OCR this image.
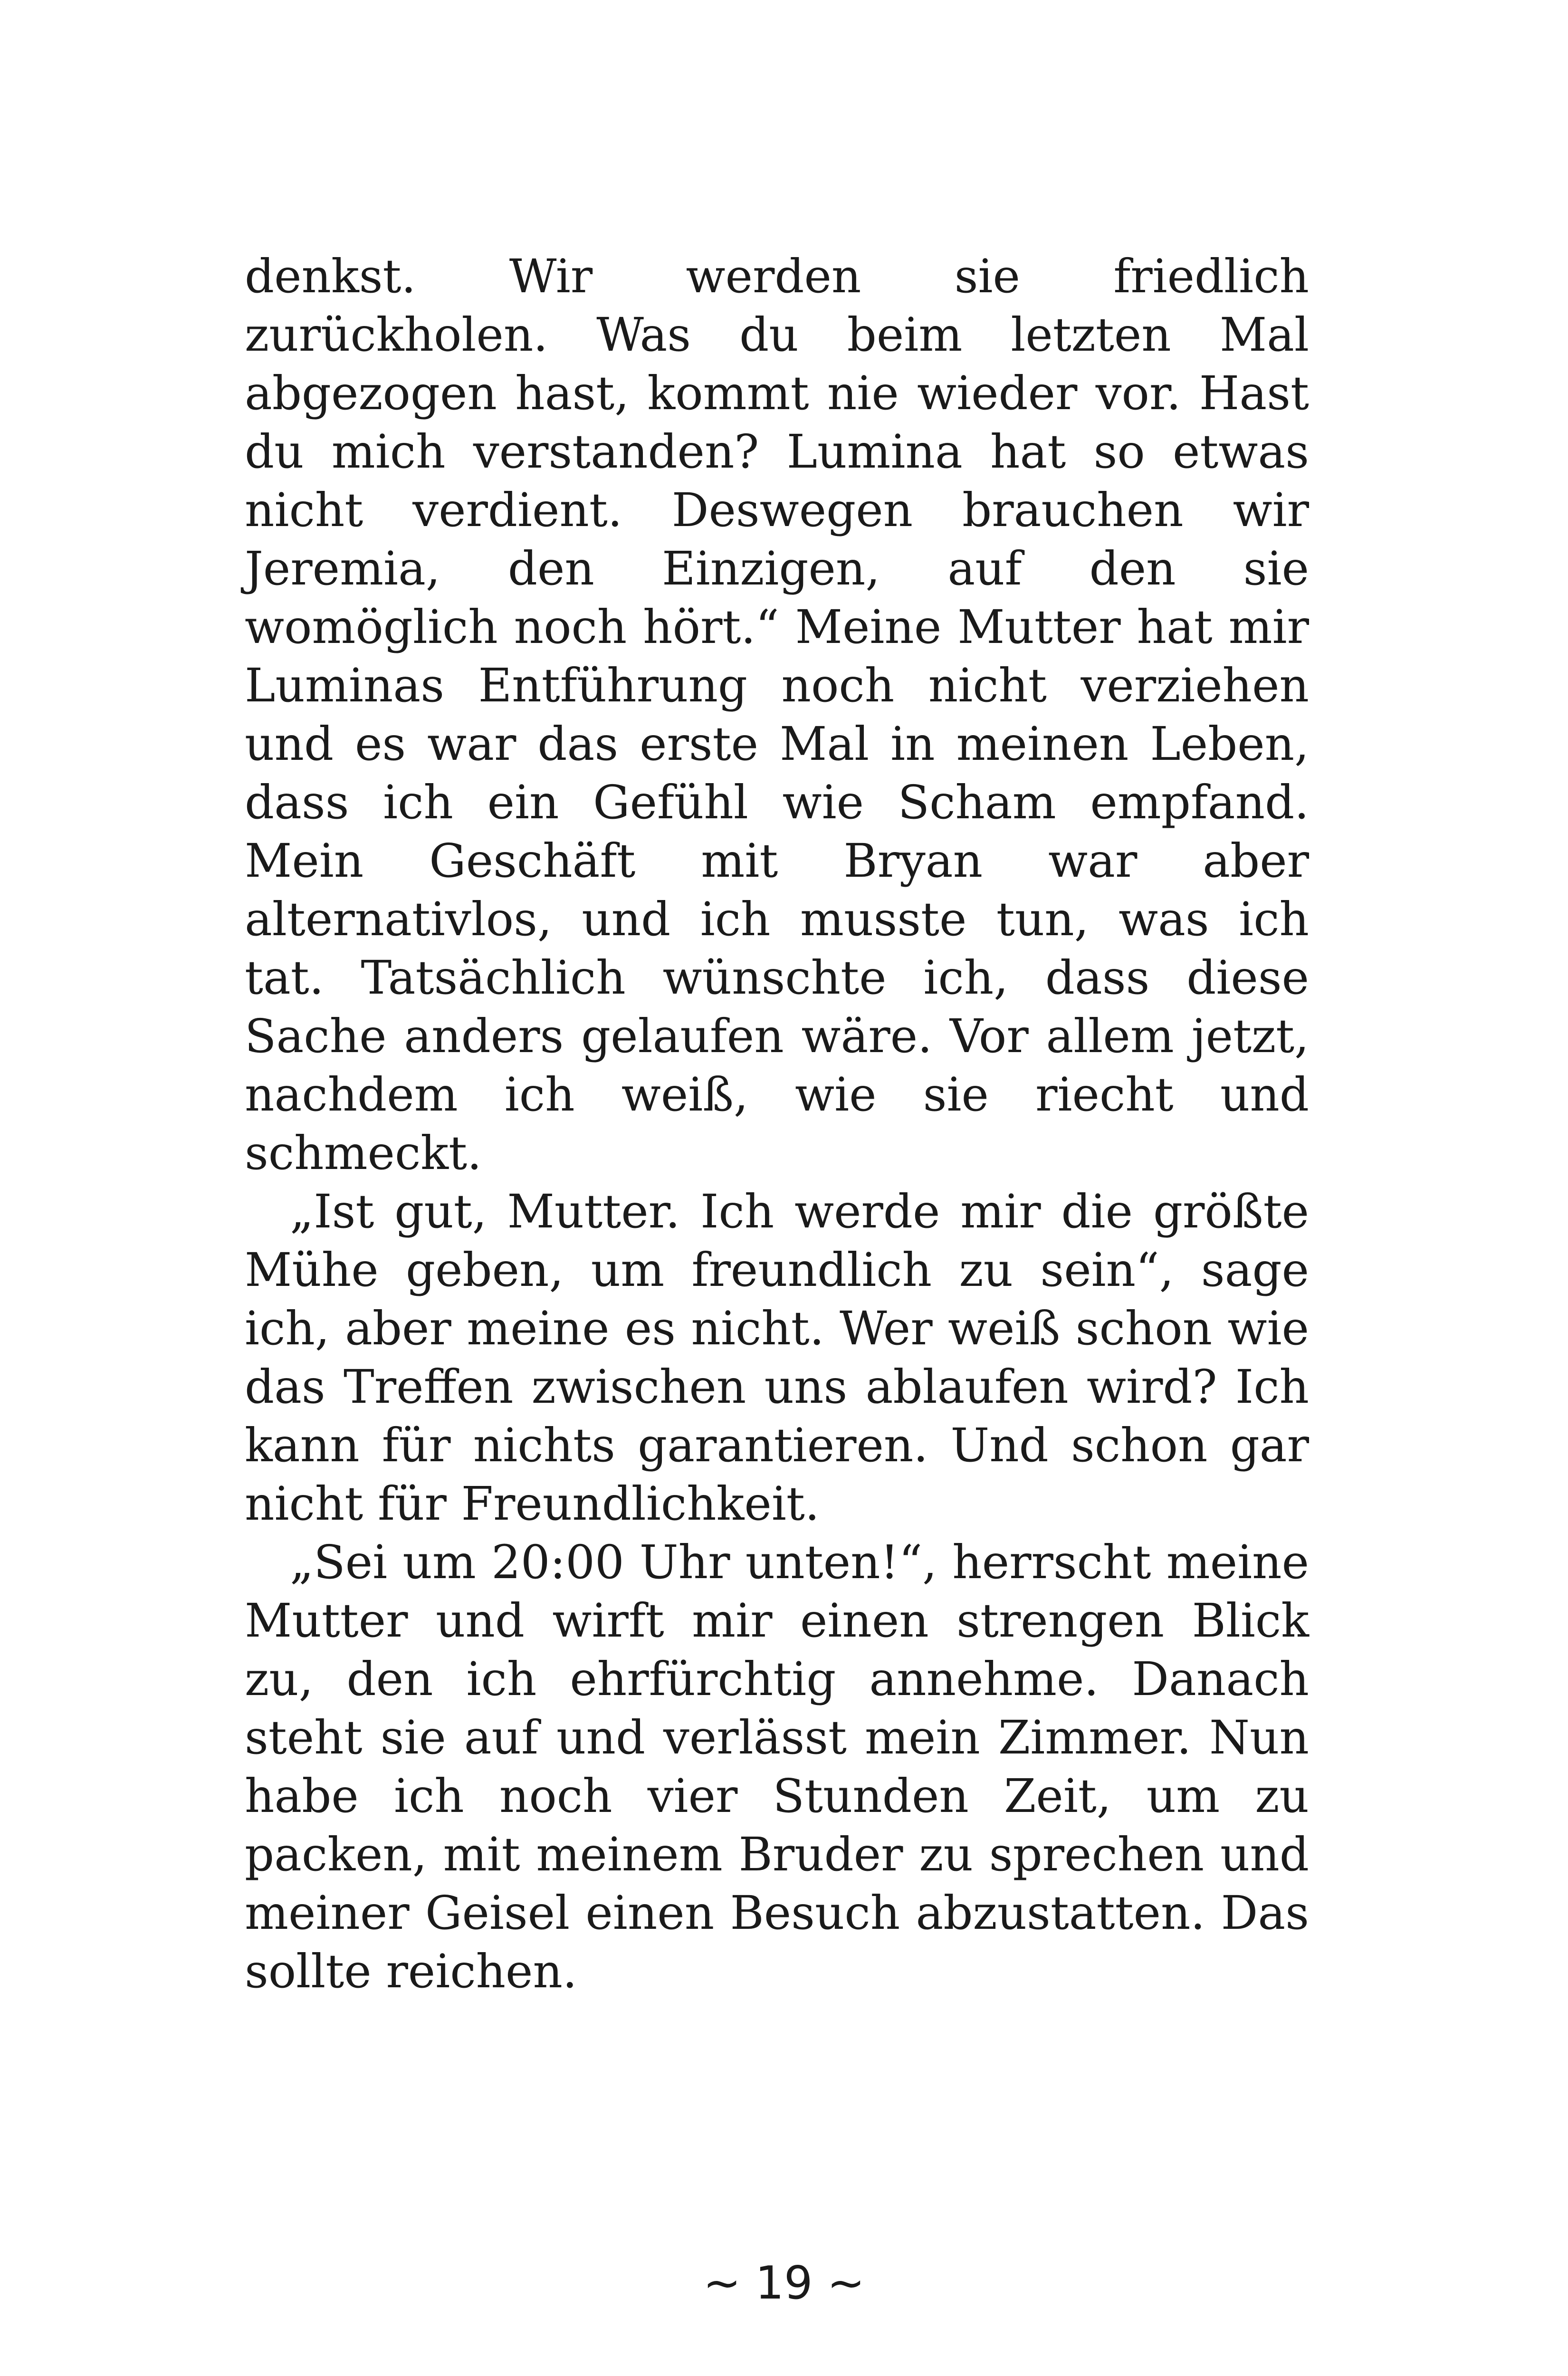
denkst. Wir werden sie friedlich zurückholen. Was du beim letzten Mal abgezogen hast, kommt nie wieder vor. Hast du mich verstanden? Lumina hat so etwas nicht verdient. Deswegen brauchen wir Jeremia, den Einzigen, auf den sie womöglich noch hört.“ Meine Mutter hat mir Luminas Entführung noch nicht verziehen und es war das erste Mal in meinen Leben, dass ich ein Gefühl wie Scham empfand. Mein Geschäft mit Bryan war aber alternativlos, und ich musste tun, was ich tat. Tatsächlich wünschte ich, dass diese Sache anders gelaufen wäre. Vor allem jetzt, nachdem ich weiß, wie sie riecht und schmeckt.

„Ist gut, Mutter. Ich werde mir die größte Mühe geben, um freundlich zu sein“, sage ich, aber meine es nicht. Wer weiß schon wie das Treffen zwischen uns ablaufen wird? Ich kann für nichts garantieren. Und schon gar nicht für Freundlichkeit.

„Sei um 20:00 Uhr unten!“, herrscht meine Mutter und wirft mir einen strengen Blick zu, den ich ehrfürchtig annehme. Danach steht sie auf und verlässt mein Zimmer. Nun habe ich noch vier Stunden Zeit, um zu packen, mit meinem Bruder zu sprechen und meiner Geisel einen Besuch abzustatten. Das sollte reichen.

~ 19 ~
